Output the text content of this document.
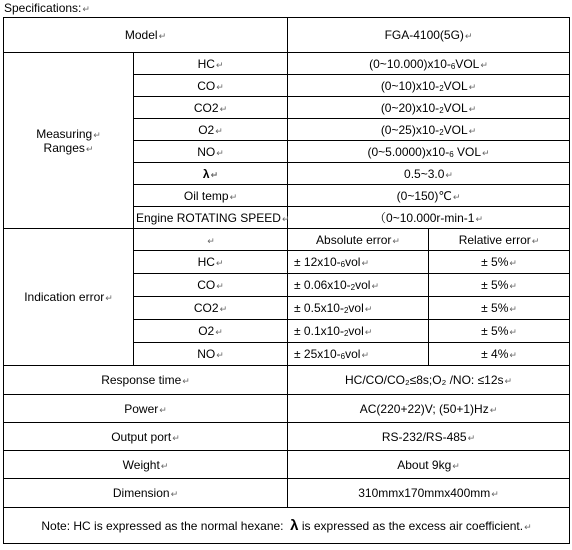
Specifications:↵
Model↵		FGA-4100(5G)↵	
Measuring↵
Ranges↵	HC↵	$(0\sim 10.000)x10-_6VOL↵$	
	CO↵	$(0\sim 10)x10-_2VOL↵$	
	CO2↵	$(0\sim 20)x10-_2VOL↵$	
	O2↵	$(0\sim 25)x10-_2VOL↵$	
	NO↵	$(0\sim 5.0000)x10-_6$ VOL↵	
	λ↵	0.5~3.0↵	
	Oil temp↵	(0~150)℃↵	
	Engine ROTATING SPEED↵	（0~10.000r-min-1↵	
Indication error↵	↵	Absolute error↵	Relative error↵
	HC↵	± $12x10-_6vol↵$	± 5%↵
	CO↵	± $0.06x10-_2vol↵$	± 5%↵
	CO2↵	± $0.5x10-_2vol↵$	± 5%↵
	O2↵	± $0.1x10-_2vol↵$	± 5%↵
	NO↵	± $25x10-_6vol↵$	± 4%↵
Response time↵		HC/CO/CO₂≤8s;O₂ /NO: ≤12s↵	
Power↵		AC(220+22)V; (50+1)Hz↵	
Output port↵		RS-232/RS-485↵	
Weight↵		About 9kg↵	
Dimension↵		310mmx170mmx400mm↵	
Note: HC is expressed as the normal hexane: λ is expressed as the excess air coefficient.↵			
